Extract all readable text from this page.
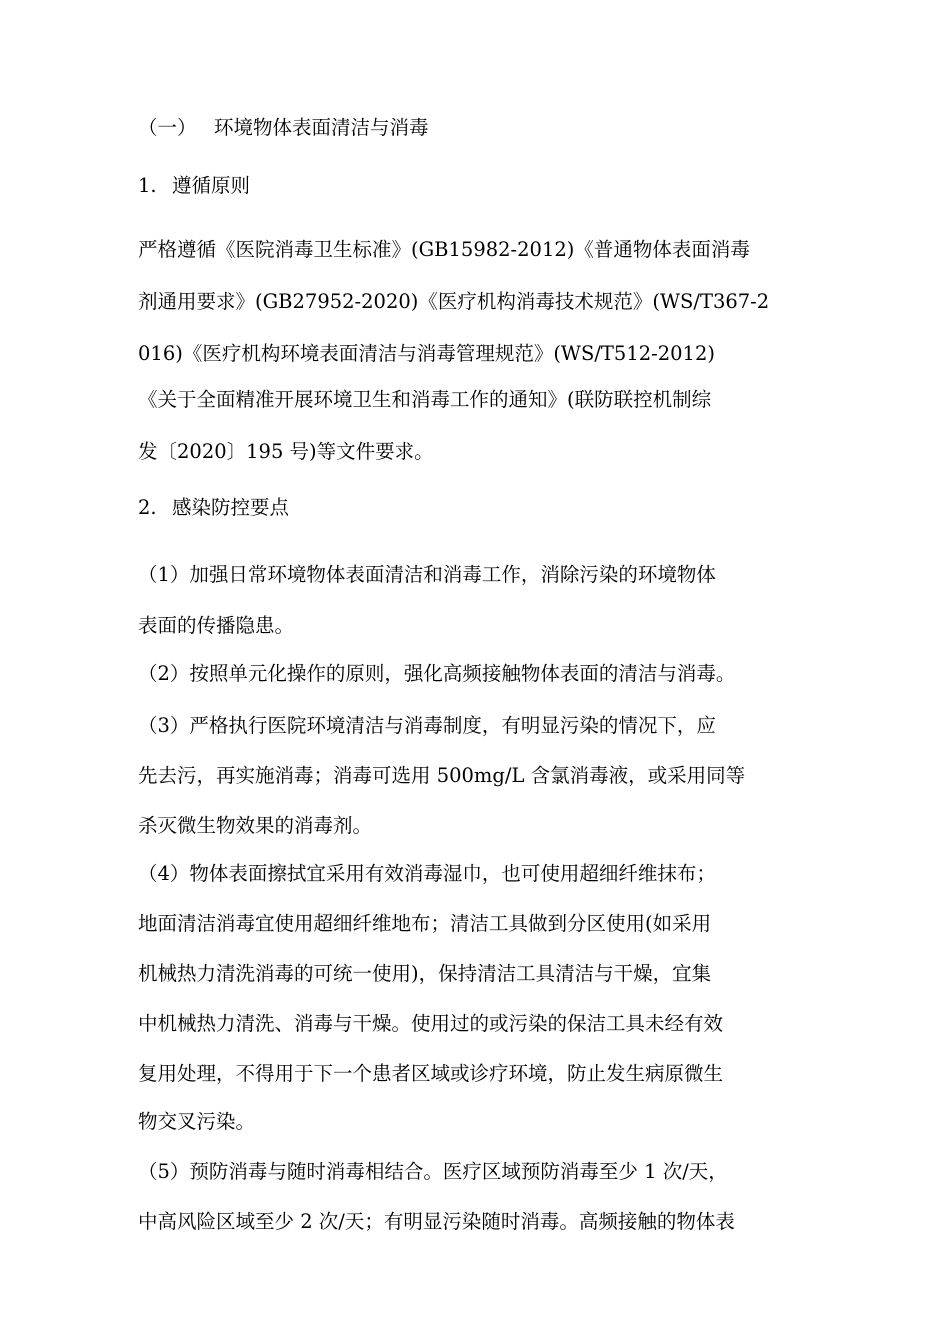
（一） 环境物体表面清洁与消毒
1. 遵循原则
严格遵循《医院消毒卫生标准》(GB15982-2012)《普通物体表面消毒
剂通用要求》(GB27952-2020)《医疗机构消毒技术规范》(WS/T367-2
016)《医疗机构环境表面清洁与消毒管理规范》(WS/T512-2012)
《关于全面精准开展环境卫生和消毒工作的通知》(联防联控机制综
发〔2020〕195 号)等文件要求。
2. 感染防控要点
（1）加强日常环境物体表面清洁和消毒工作，消除污染的环境物体
表面的传播隐患。
（2）按照单元化操作的原则，强化高频接触物体表面的清洁与消毒。
（3）严格执行医院环境清洁与消毒制度，有明显污染的情况下，应
先去污，再实施消毒；消毒可选用 500mg/L 含氯消毒液，或采用同等
杀灭微生物效果的消毒剂。
（4）物体表面擦拭宜采用有效消毒湿巾，也可使用超细纤维抹布；
地面清洁消毒宜使用超细纤维地布；清洁工具做到分区使用(如采用
机械热力清洗消毒的可统一使用)，保持清洁工具清洁与干燥，宜集
中机械热力清洗、消毒与干燥。使用过的或污染的保洁工具未经有效
复用处理，不得用于下一个患者区域或诊疗环境，防止发生病原微生
物交叉污染。
（5）预防消毒与随时消毒相结合。医疗区域预防消毒至少 1 次/天，
中高风险区域至少 2 次/天；有明显污染随时消毒。高频接触的物体表
